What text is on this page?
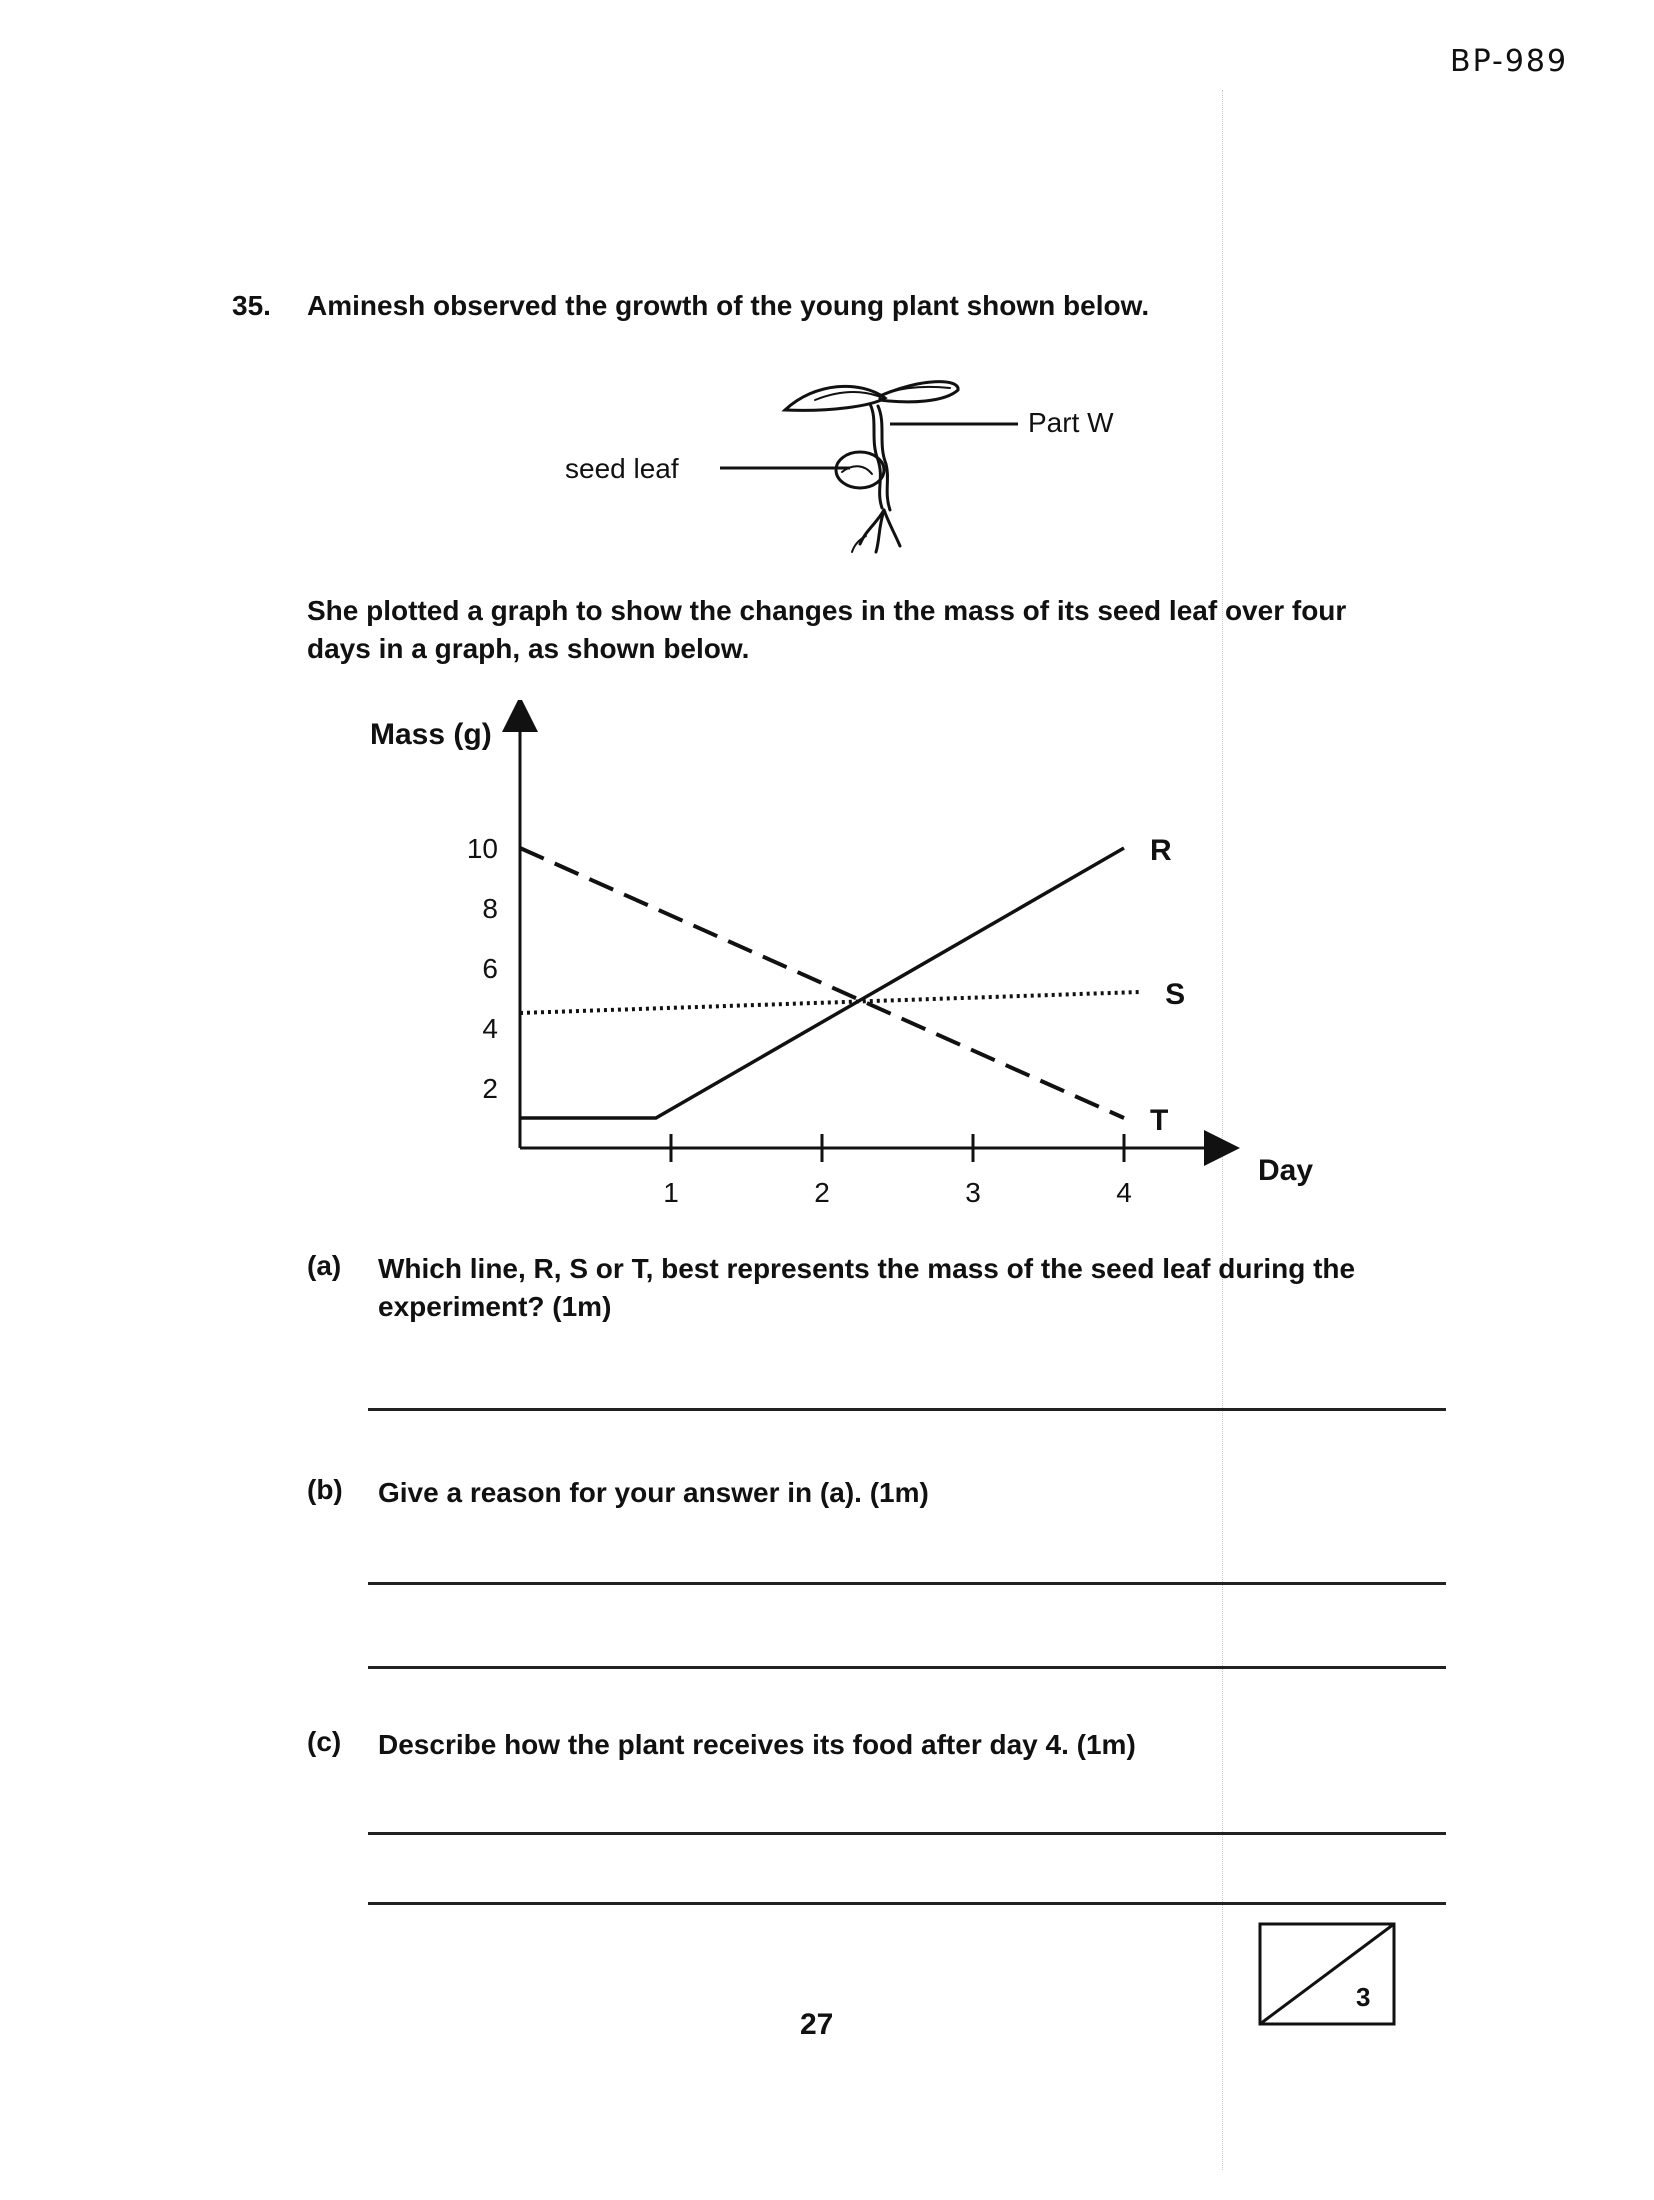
BP-989
35. Aminesh observed the growth of the young plant shown below.
seed leaf
Part W
She plotted a graph to show the changes in the mass of its seed leaf over four days in a graph, as shown below.
Mass (g)
Day
2
4
6
8
10
1	2	3	4
R
S
T
(a) Which line, R, S or T, best represents the mass of the seed leaf during the experiment? (1m)
(b) Give a reason for your answer in (a). (1m)
(c) Describe how the plant receives its food after day 4. (1m)
27
3
